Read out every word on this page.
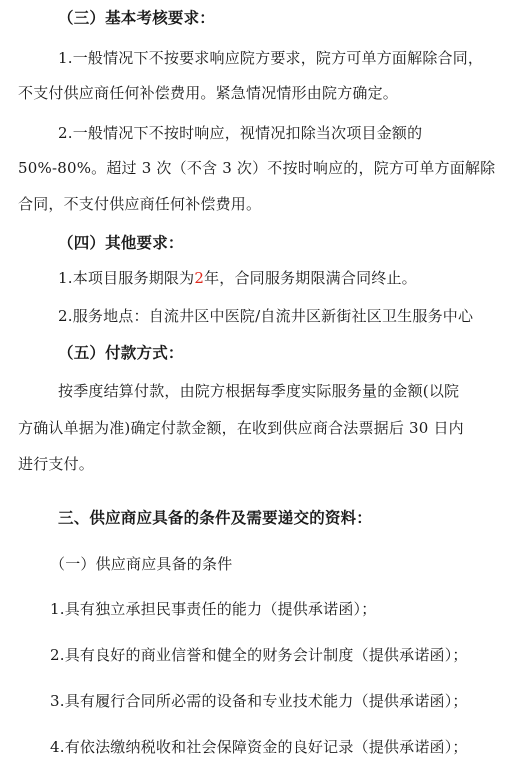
（三）基本考核要求：
1.一般情况下不按要求响应院方要求，院方可单方面解除合同，
不支付供应商任何补偿费用。紧急情况情形由院方确定。
2.一般情况下不按时响应，视情况扣除当次项目金额的
50%-80%。超过 3 次（不含 3 次）不按时响应的，院方可单方面解除
合同，不支付供应商任何补偿费用。
（四）其他要求：
1.本项目服务期限为2年，合同服务期限满合同终止。
2.服务地点：自流井区中医院/自流井区新街社区卫生服务中心
（五）付款方式：
按季度结算付款，由院方根据每季度实际服务量的金额(以院
方确认单据为准)确定付款金额，在收到供应商合法票据后 30 日内
进行支付。
三、供应商应具备的条件及需要递交的资料：
（一）供应商应具备的条件
1.具有独立承担民事责任的能力（提供承诺函）；
2.具有良好的商业信誉和健全的财务会计制度（提供承诺函）；
3.具有履行合同所必需的设备和专业技术能力（提供承诺函）；
4.有依法缴纳税收和社会保障资金的良好记录（提供承诺函）；
